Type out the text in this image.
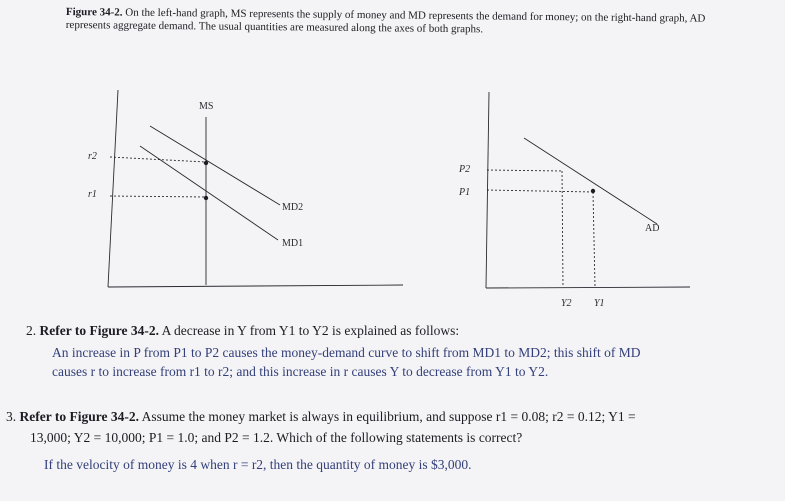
Figure 34-2. On the left-hand graph, MS represents the supply of money and MD represents the demand for money; on the right-hand graph, AD represents aggregate demand. The usual quantities are measured along the axes of both graphs.
MS
r2
r1
MD2
MD1
P2
P1
AD
Y2 Y1
2. Refer to Figure 34-2. A decrease in Y from Y1 to Y2 is explained as follows:
An increase in P from P1 to P2 causes the money-demand curve to shift from MD1 to MD2; this shift of MD
causes r to increase from r1 to r2; and this increase in r causes Y to decrease from Y1 to Y2.
3. Refer to Figure 34-2. Assume the money market is always in equilibrium, and suppose r1 = 0.08; r2 = 0.12; Y1 =
13,000; Y2 = 10,000; P1 = 1.0; and P2 = 1.2. Which of the following statements is correct?
If the velocity of money is 4 when r = r2, then the quantity of money is $3,000.
